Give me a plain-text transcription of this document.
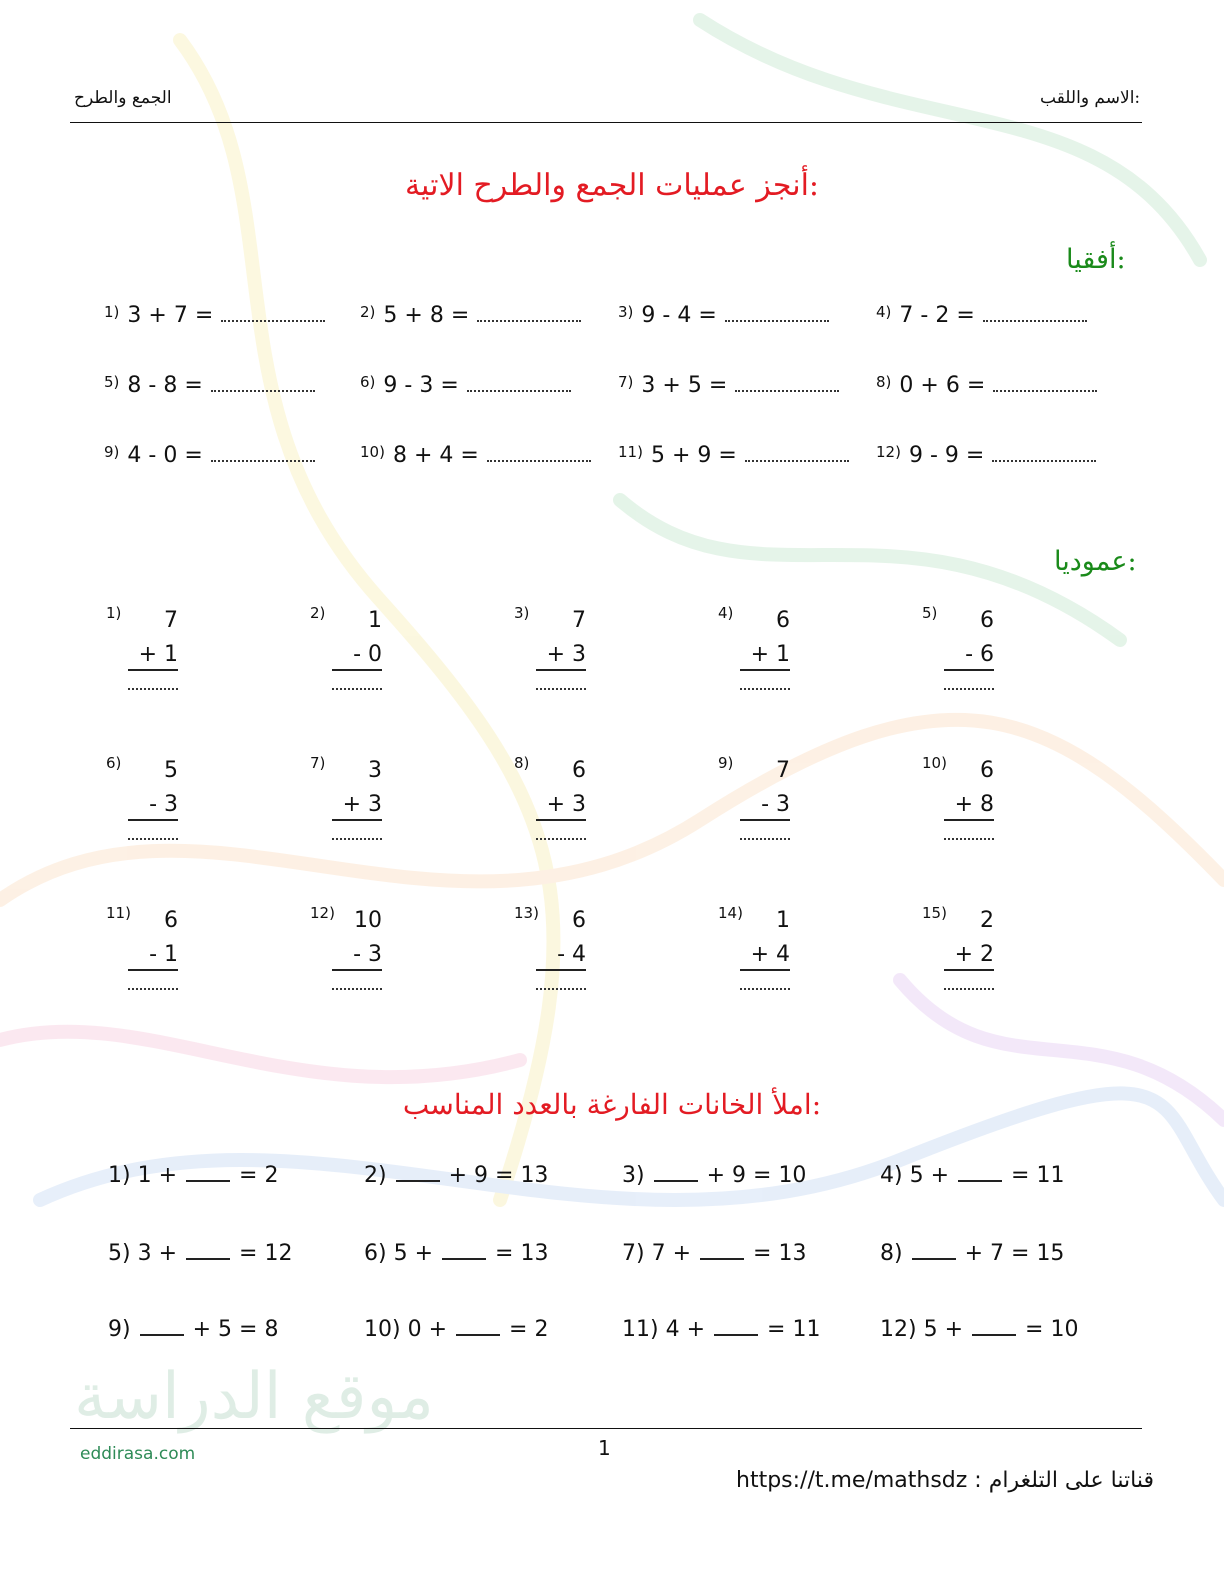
الجمع والطرح	الاسم واللقب:
أنجز عمليات الجمع والطرح الاتية:
أفقيا:
$^{1)}$ 3 + 7 =	$^{2)}$ 5 + 8 =	$^{3)}$ 9 - 4 =	$^{4)}$ 7 - 2 =
$^{5)}$ 8 - 8 =	$^{6)}$ 9 - 3 =	$^{7)}$ 3 + 5 =	$^{8)}$ 0 + 6 =
$^{9)}$ 4 - 0 =	$^{10)}$ 8 + 4 =	$^{11)}$ 5 + 9 =	$^{12)}$ 9 - 9 =
عموديا:
1)	7
+ 1
2)	1
- 0
3)	7
+ 3
4)	6
+ 1
5)	6
- 6
6)	5
- 3
7)	3
+ 3
8)	6
+ 3
9)	7
- 3
10)	6
+ 8
11)	6
- 1
12) 10
- 3
13)	6
- 4
14)	1
+ 4
15)	2
+ 2
املأ الخانات الفارغة بالعدد المناسب:
1) 1 +	= 2	2)	+ 9 = 13	3)	+ 9 = 10	4) 5 +	= 11
5) 3 +	= 12	6) 5 +	= 13	7) 7 +	= 13	8)	+ 7 = 15
9)	+ 5 = 8	10) 0 +	= 2	11) 4 +	= 11	12) 5 +	= 10
موقع الدراسة
eddirasa.com	1
https://t.me/mathsdz : قناتنا على التلغرام
